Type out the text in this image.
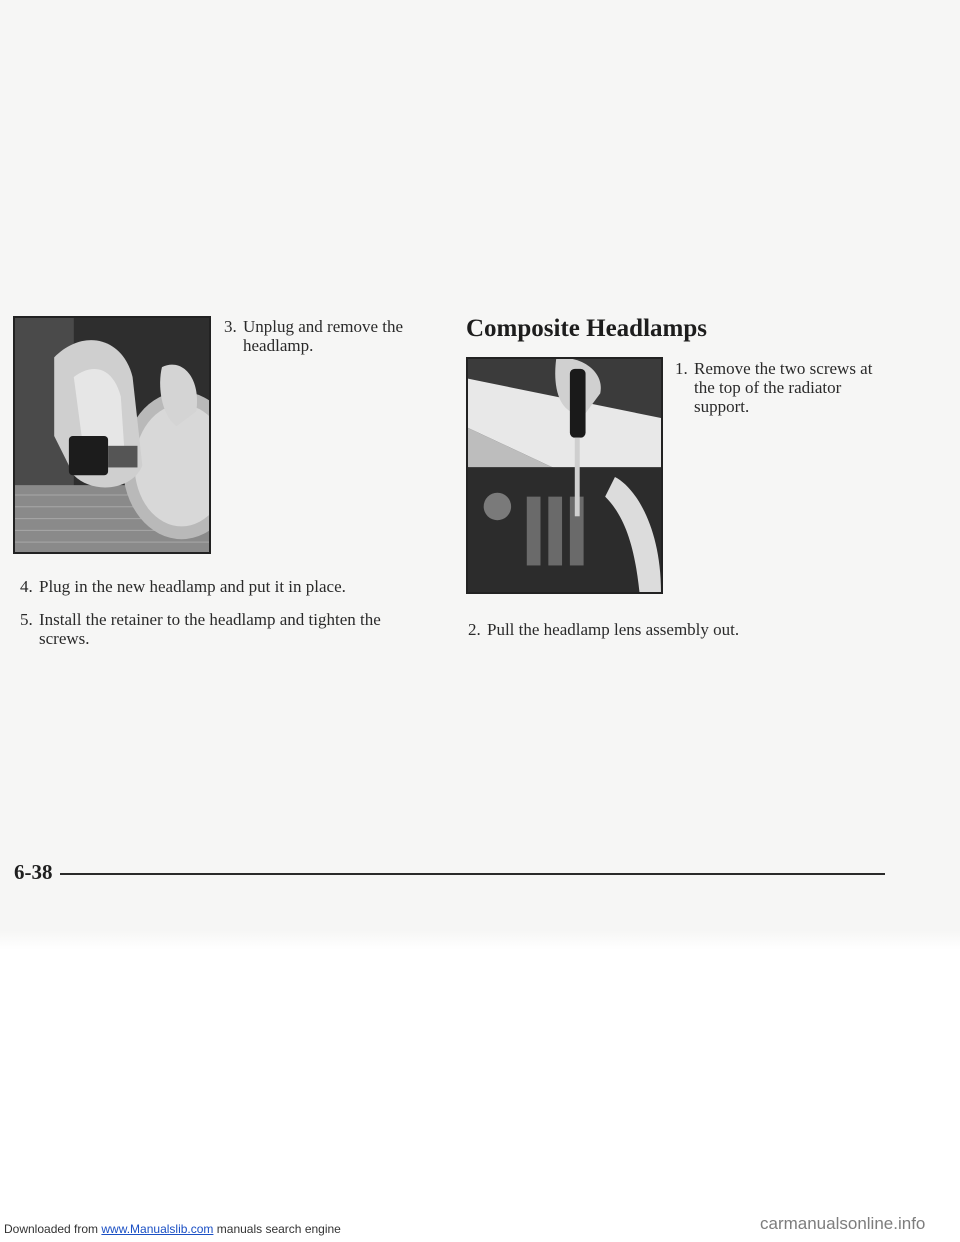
3. Unplug and remove the headlamp.
4. Plug in the new headlamp and put it in place.
5. Install the retainer to the headlamp and tighten the screws.
Composite Headlamps
1. Remove the two screws at the top of the radiator support.
2. Pull the headlamp lens assembly out.
6-38
Downloaded from www.Manualslib.com manuals search engine	carmanualsonline.info
